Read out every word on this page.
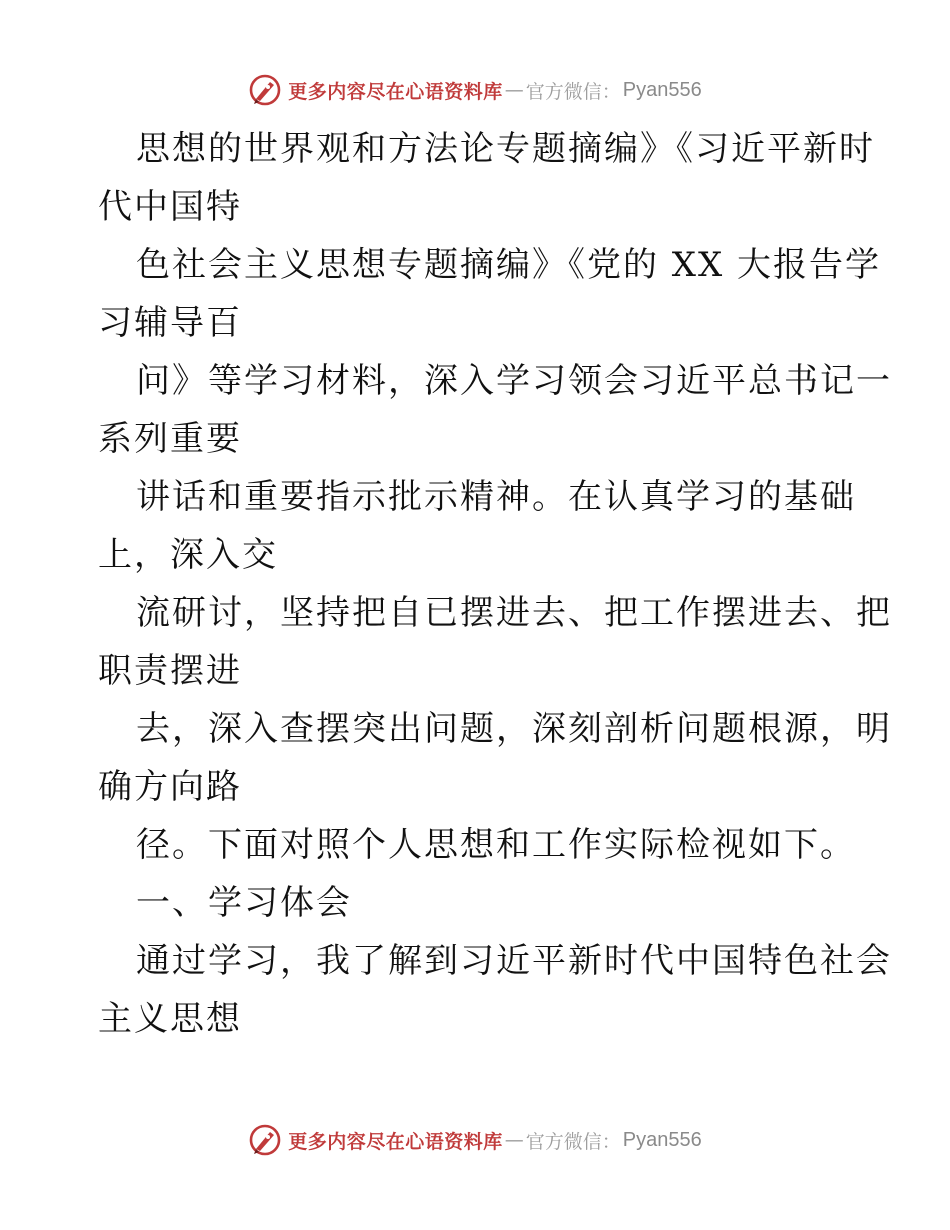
更多内容尽在心语资料库 — 官方微信： Pyan556
思想的世界观和方法论专题摘编》《习近平新时
代中国特
色社会主义思想专题摘编》《党的 XX 大报告学
习辅导百
问》等学习材料，深入学习领会习近平总书记一
系列重要
讲话和重要指示批示精神。在认真学习的基础
上，深入交
流研讨，坚持把自已摆进去、把工作摆进去、把
职责摆进
去，深入查摆突出问题，深刻剖析问题根源，明
确方向路
径。下面对照个人思想和工作实际检视如下。
一、学习体会
通过学习，我了解到习近平新时代中国特色社会
主义思想
更多内容尽在心语资料库 — 官方微信： Pyan556
